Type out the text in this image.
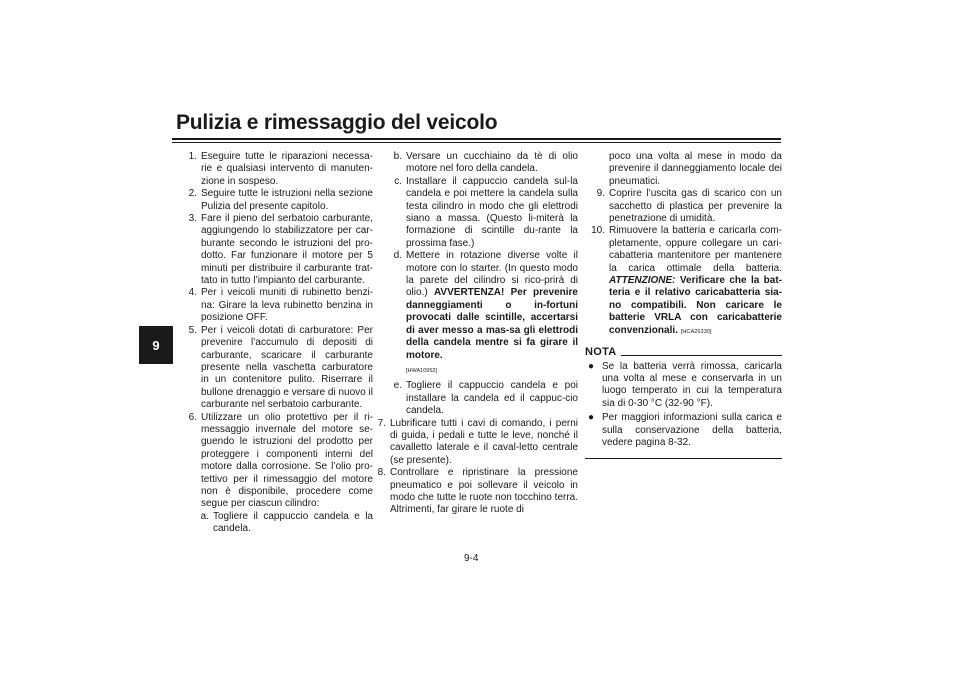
Pulizia e rimessaggio del veicolo
9
1. Eseguire tutte le riparazioni necessa-rie e qualsiasi intervento di manuten-zione in sospeso.
2. Seguire tutte le istruzioni nella sezione Pulizia del presente capitolo.
3. Fare il pieno del serbatoio carburante, aggiungendo lo stabilizzatore per car-burante secondo le istruzioni del pro-dotto. Far funzionare il motore per 5 minuti per distribuire il carburante trat-tato in tutto l’impianto del carburante.
4. Per i veicoli muniti di rubinetto benzi-na: Girare la leva rubinetto benzina in posizione OFF.
5. Per i veicoli dotati di carburatore: Per prevenire l’accumulo di depositi di carburante, scaricare il carburante presente nella vaschetta carburatore in un contenitore pulito. Riserrare il bullone drenaggio e versare di nuovo il carburante nel serbatoio carburante.
6. Utilizzare un olio protettivo per il ri-messaggio invernale del motore se-guendo le istruzioni del prodotto per proteggere i componenti interni del motore dalla corrosione. Se l’olio pro-tettivo per il rimessaggio del motore non è disponibile, procedere come segue per ciascun cilindro:
a. Togliere il cappuccio candela e la candela.
b. Versare un cucchiaino da tè di olio motore nel foro della candela.
c. Installare il cappuccio candela sul-la candela e poi mettere la candela sulla testa cilindro in modo che gli elettrodi siano a massa. (Questo li-miterà la formazione di scintille du-rante la prossima fase.)
d. Mettere in rotazione diverse volte il motore con lo starter. (In questo modo la parete del cilindro si rico-prirà di olio.) AVVERTENZA! Per prevenire danneggiamenti o in-fortuni provocati dalle scintille, accertarsi di aver messo a mas-sa gli elettrodi della candela mentre si fa girare il motore.
[HWA10952]
e. Togliere il cappuccio candela e poi installare la candela ed il cappuc-cio candela.
7. Lubrificare tutti i cavi di comando, i perni di guida, i pedali e tutte le leve, nonché il cavalletto laterale e il caval-letto centrale (se presente).
8. Controllare e ripristinare la pressione pneumatico e poi sollevare il veicolo in modo che tutte le ruote non tocchino terra. Altrimenti, far girare le ruote di
poco una volta al mese in modo da prevenire il danneggiamento locale dei pneumatici.
9. Coprire l’uscita gas di scarico con un sacchetto di plastica per prevenire la penetrazione di umidità.
10. Rimuovere la batteria e caricarla com-pletamente, oppure collegare un cari-cabatteria mantenitore per mantenere la carica ottimale della batteria. ATTENZIONE: Verificare che la bat-teria e il relativo caricabatteria sia-no compatibili. Non caricare le batterie VRLA con caricabatterie convenzionali. [HCA26330]
NOTA
● Se la batteria verrà rimossa, caricarla una volta al mese e conservarla in un luogo temperato in cui la temperatura sia di 0-30 °C (32-90 °F).
● Per maggiori informazioni sulla carica e sulla conservazione della batteria, vedere pagina 8-32.
9-4
